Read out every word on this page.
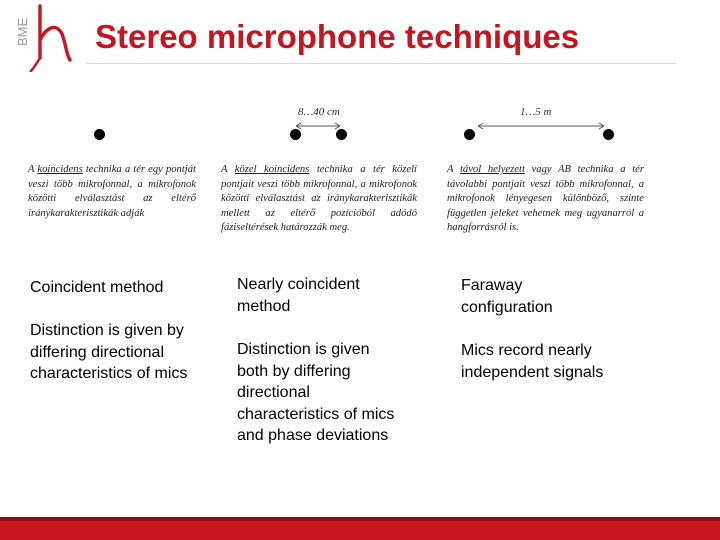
BME Stereo microphone techniques
8…40 cm	1…5 m
A koincidens technika a tér egy pontját veszi több mikrofonnal, a mikrofonok közötti elválasztást az eltérő iránykarakterisztikák adják
A közel koincidens technika a tér közeli pontjait veszi több mikrofonnal, a mikrofonok közötti elválasztást az iránykarakterisztikák mellett az eltérő pozícióból adódó fáziseltérések határozzák meg.
A távol helyezett vagy AB technika a tér távolabbi pontjait veszi több mikrofonnal, a mikrofonok lényegesen különböző, szinte független jeleket vehetnek meg ugyanarról a hangforrásról is.
Coincident method
Distinction is given by differing directional characteristics of mics
Nearly coincident method
Distinction is given both by differing directional characteristics of mics and phase deviations
Faraway configuration
Mics record nearly independent signals
